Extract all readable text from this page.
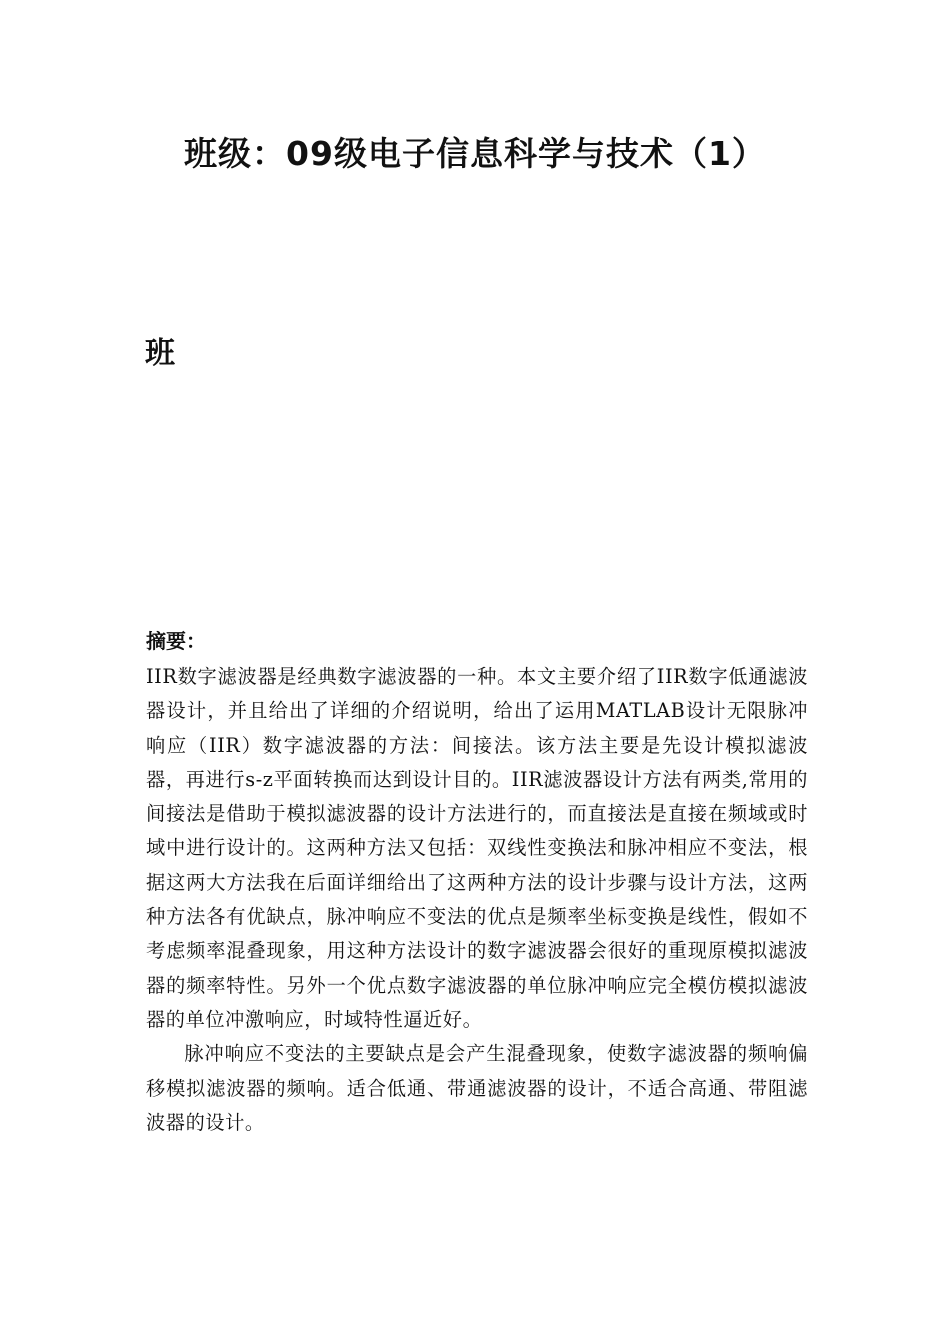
班级：09级电子信息科学与技术（1）
班
摘要：

IIR数字滤波器是经典数字滤波器的一种。本文主要介绍了IIR数字低通滤波器设计，并且给出了详细的介绍说明，给出了运用MATLAB设计无限脉冲响应（IIR）数字滤波器的方法：间接法。该方法主要是先设计模拟滤波器，再进行s-z平面转换而达到设计目的。IIR滤波器设计方法有两类,常用的间接法是借助于模拟滤波器的设计方法进行的，而直接法是直接在频域或时域中进行设计的。这两种方法又包括：双线性变换法和脉冲相应不变法，根据这两大方法我在后面详细给出了这两种方法的设计步骤与设计方法，这两种方法各有优缺点，脉冲响应不变法的优点是频率坐标变换是线性，假如不考虑频率混叠现象，用这种方法设计的数字滤波器会很好的重现原模拟滤波器的频率特性。另外一个优点数字滤波器的单位脉冲响应完全模仿模拟滤波器的单位冲激响应，时域特性逼近好。

脉冲响应不变法的主要缺点是会产生混叠现象，使数字滤波器的频响偏移模拟滤波器的频响。适合低通、带通滤波器的设计，不适合高通、带阻滤波器的设计。
